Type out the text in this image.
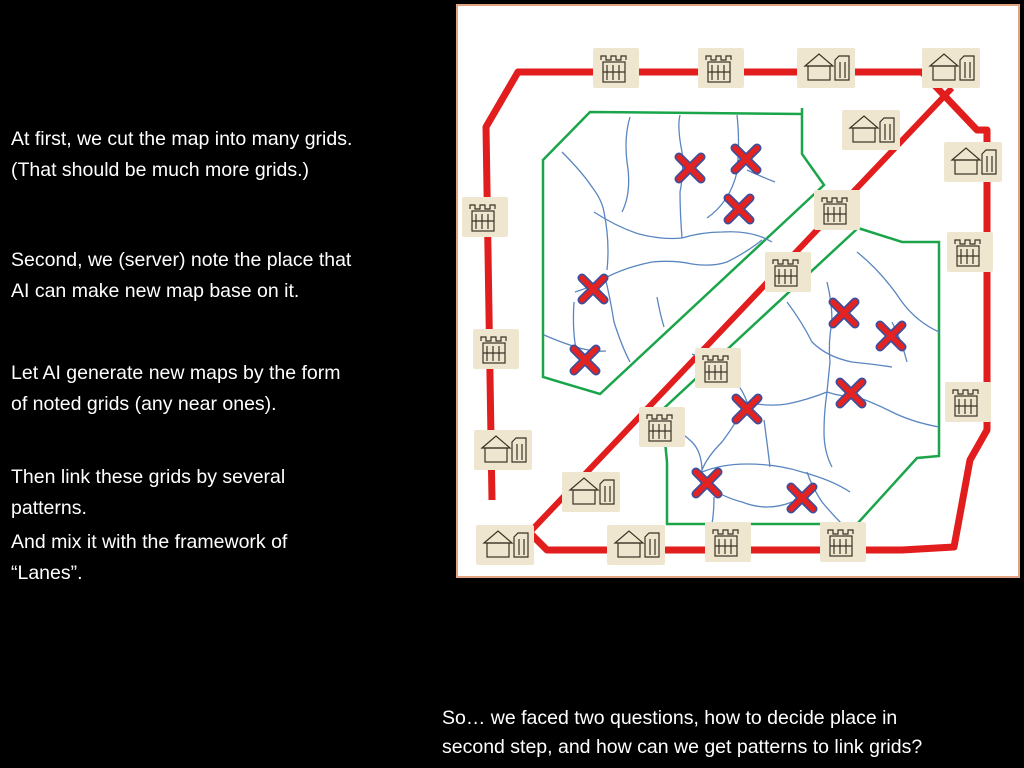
At first, we cut the map into many grids.
(That should be much more grids.)
Second, we (server) note the place that
AI can make new map base on it.
Let AI generate new maps by the form
of noted grids (any near ones).
Then link these grids by several
patterns.
And mix it with the framework of
“Lanes”.
So… we faced two questions, how to decide place in
second step, and how can we get patterns to link grids?
